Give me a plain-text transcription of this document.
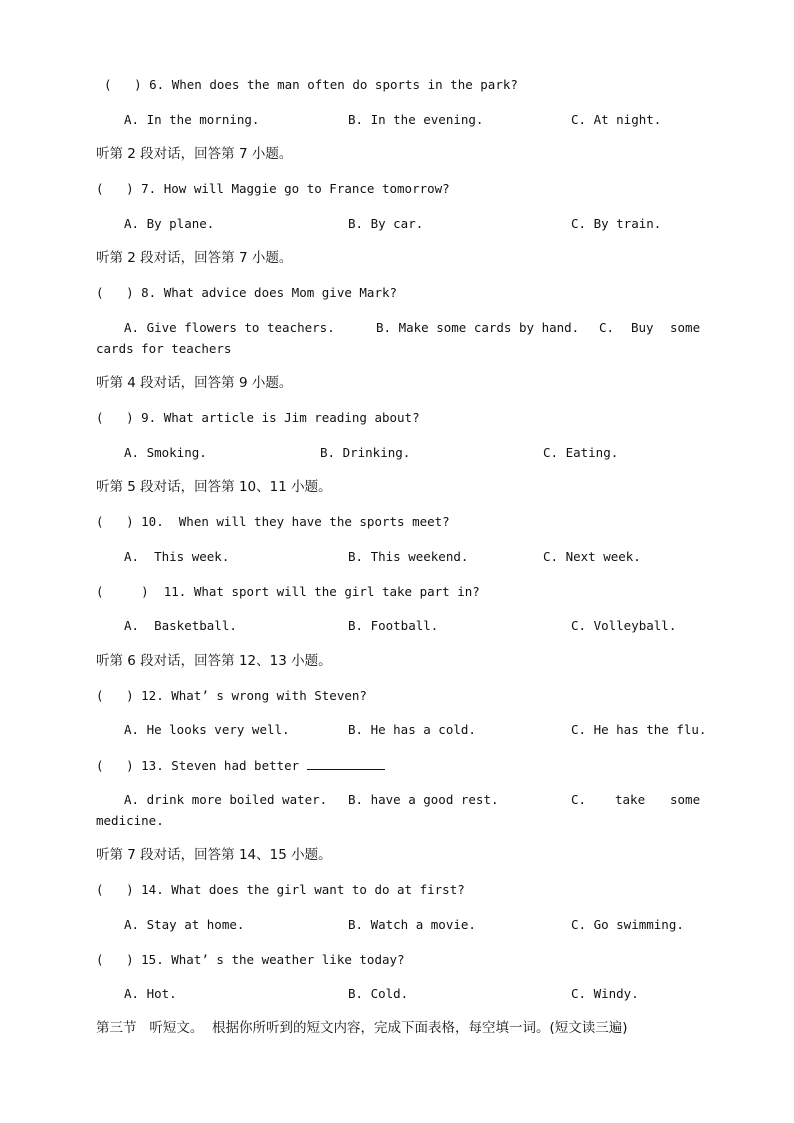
(   ) 6. When does the man often do sports in the park?
A. In the morning.	B. In the evening.	C. At night.
听第 2 段对话，回答第 7 小题。
(   ) 7. How will Maggie go to France tomorrow?
A. By plane.	B. By car.	C. By train.
听第 2 段对话，回答第 7 小题。
(   ) 8. What advice does Mom give Mark?
A. Give flowers to teachers.	B. Make some cards by hand. C. Buy some
cards for teachers
听第 4 段对话，回答第 9 小题。
(   ) 9. What article is Jim reading about?
A. Smoking.	B. Drinking.	C. Eating.
听第 5 段对话，回答第 10、11 小题。
(   ) 10.  When will they have the sports meet?
A.  This week.	B. This weekend.	C. Next week.
(     )  11. What sport will the girl take part in?
A.  Basketball.	B. Football.	C. Volleyball.
听第 6 段对话，回答第 12、13 小题。
(   ) 12. What’ s wrong with Steven?
A. He looks very well.	B. He has a cold.	C. He has the flu.
(   ) 13. Steven had better
A. drink more boiled water. B. have a good rest.	C. take some
medicine.
听第 7 段对话，回答第 14、15 小题。
(   ) 14. What does the girl want to do at first?
A. Stay at home.	B. Watch a movie.	C. Go swimming.
(   ) 15. What’ s the weather like today?
A. Hot.	B. Cold.	C. Windy.
第三节   听短文。  根据你所听到的短文内容，完成下面表格，每空填一词。(短文读三遍)
